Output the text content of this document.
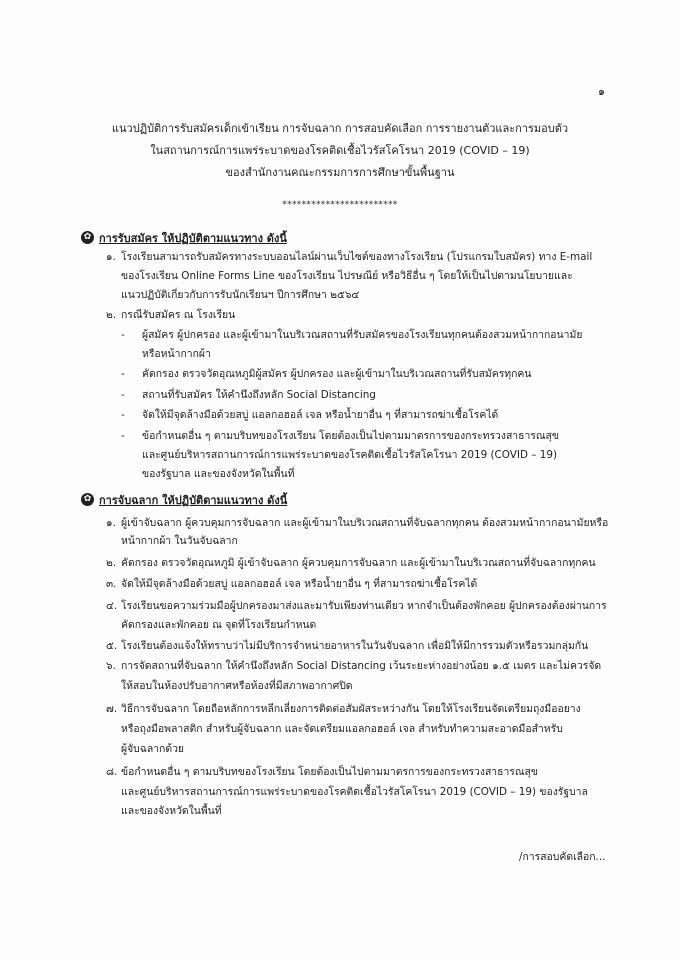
๑
แนวปฏิบัติการรับสมัครเด็กเข้าเรียน การจับฉลาก การสอบคัดเลือก การรายงานตัวและการมอบตัว
ในสถานการณ์การแพร่ระบาดของโรคติดเชื้อไวรัสโคโรนา 2019 (COVID – 19)
ของสำนักงานคณะกรรมการการศึกษาขั้นพื้นฐาน
************************
✿ การรับสมัคร ให้ปฏิบัติตามแนวทาง ดังนี้
๑. โรงเรียนสามารถรับสมัครทางระบบออนไลน์ผ่านเว็บไซต์ของทางโรงเรียน (โปรแกรมใบสมัคร) ทาง E-mail
ของโรงเรียน Online Forms Line ของโรงเรียน ไปรษณีย์ หรือวิธีอื่น ๆ โดยให้เป็นไปตามนโยบายและ
แนวปฏิบัติเกี่ยวกับการรับนักเรียนฯ ปีการศึกษา ๒๕๖๔
๒. กรณีรับสมัคร ณ โรงเรียน
- ผู้สมัคร ผู้ปกครอง และผู้เข้ามาในบริเวณสถานที่รับสมัครของโรงเรียนทุกคนต้องสวมหน้ากากอนามัย
หรือหน้ากากผ้า
- คัดกรอง ตรวจวัดอุณหภูมิผู้สมัคร ผู้ปกครอง และผู้เข้ามาในบริเวณสถานที่รับสมัครทุกคน
- สถานที่รับสมัคร ให้คำนึงถึงหลัก Social Distancing
- จัดให้มีจุดล้างมือด้วยสบู่ แอลกอฮอล์ เจล หรือน้ำยาอื่น ๆ ที่สามารถฆ่าเชื้อโรคได้
- ข้อกำหนดอื่น ๆ ตามบริบทของโรงเรียน โดยต้องเป็นไปตามมาตรการของกระทรวงสาธารณสุข
และศูนย์บริหารสถานการณ์การแพร่ระบาดของโรคติดเชื้อไวรัสโคโรนา 2019 (COVID – 19)
ของรัฐบาล และของจังหวัดในพื้นที่
✿ การจับฉลาก ให้ปฏิบัติตามแนวทาง ดังนี้
๑. ผู้เข้าจับฉลาก ผู้ควบคุมการจับฉลาก และผู้เข้ามาในบริเวณสถานที่จับฉลากทุกคน ต้องสวมหน้ากากอนามัยหรือ
หน้ากากผ้า ในวันจับฉลาก
๒. คัดกรอง ตรวจวัดอุณหภูมิ ผู้เข้าจับฉลาก ผู้ควบคุมการจับฉลาก และผู้เข้ามาในบริเวณสถานที่จับฉลากทุกคน
๓. จัดให้มีจุดล้างมือด้วยสบู่ แอลกอฮอล์ เจล หรือน้ำยาอื่น ๆ ที่สามารถฆ่าเชื้อโรคได้
๔. โรงเรียนขอความร่วมมือผู้ปกครองมาส่งและมารับเพียงท่านเดียว หากจำเป็นต้องพักคอย ผู้ปกครองต้องผ่านการ
คัดกรองและพักคอย ณ จุดที่โรงเรียนกำหนด
๕. โรงเรียนต้องแจ้งให้ทราบว่าไม่มีบริการจำหน่ายอาหารในวันจับฉลาก เพื่อมิให้มีการรวมตัวหรือรวมกลุ่มกัน
๖. การจัดสถานที่จับฉลาก ให้คำนึงถึงหลัก Social Distancing เว้นระยะห่างอย่างน้อย ๑.๕ เมตร และไม่ควรจัด
ให้สอบในห้องปรับอากาศหรือห้องที่มีสภาพอากาศปิด
๗. วิธีการจับฉลาก โดยถือหลักการหลีกเลี่ยงการติดต่อสัมผัสระหว่างกัน โดยให้โรงเรียนจัดเตรียมถุงมืออยาง
หรือถุงมือพลาสติก สำหรับผู้จับฉลาก และจัดเตรียมแอลกอฮอล์ เจล สำหรับทำความสะอาดมือสำหรับ
ผู้จับฉลากด้วย
๘. ข้อกำหนดอื่น ๆ ตามบริบทของโรงเรียน โดยต้องเป็นไปตามมาตรการของกระทรวงสาธารณสุข
และศูนย์บริหารสถานการณ์การแพร่ระบาดของโรคติดเชื้อไวรัสโคโรนา 2019 (COVID – 19) ของรัฐบาล
และของจังหวัดในพื้นที่
/การสอบคัดเลือก...
